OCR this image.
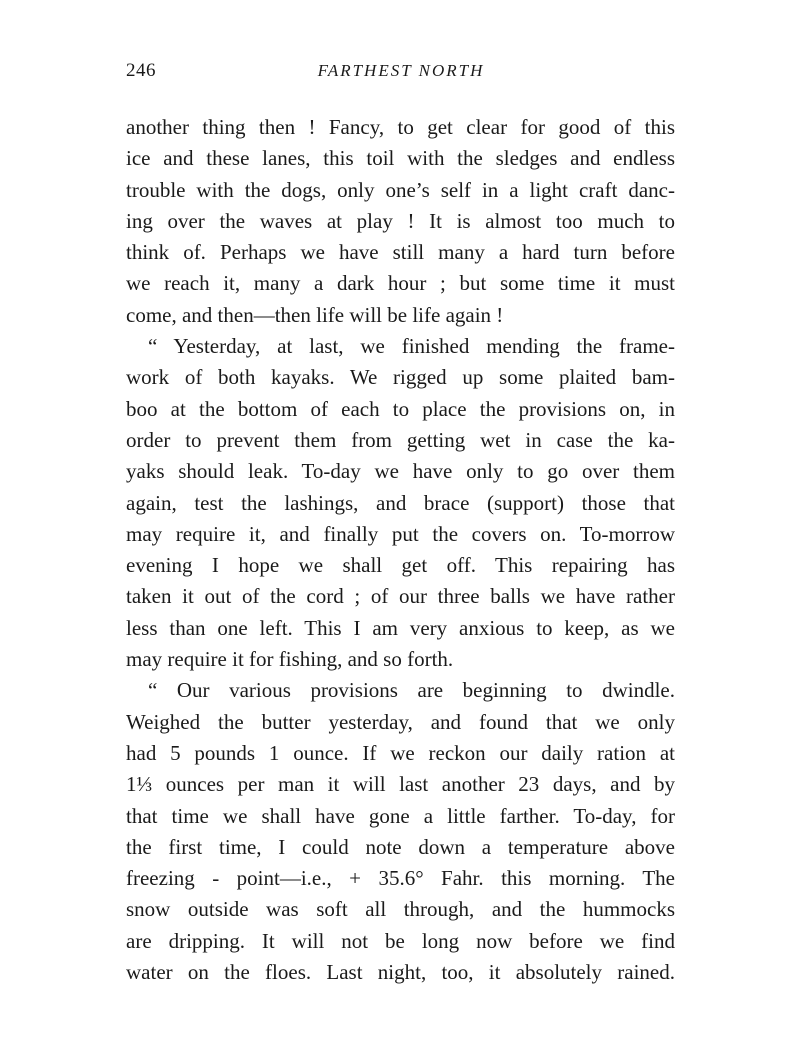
246	FARTHEST NORTH
another thing then ! Fancy, to get clear for good of this
ice and these lanes, this toil with the sledges and endless
trouble with the dogs, only one’s self in a light craft danc-
ing over the waves at play ! It is almost too much to
think of. Perhaps we have still many a hard turn before
we reach it, many a dark hour ; but some time it must
come, and then—then life will be life again !
“ Yesterday, at last, we finished mending the frame-
work of both kayaks. We rigged up some plaited bam-
boo at the bottom of each to place the provisions on, in
order to prevent them from getting wet in case the ka-
yaks should leak. To-day we have only to go over them
again, test the lashings, and brace (support) those that
may require it, and finally put the covers on. To-morrow
evening I hope we shall get off. This repairing has
taken it out of the cord ; of our three balls we have rather
less than one left. This I am very anxious to keep, as we
may require it for fishing, and so forth.
“ Our various provisions are beginning to dwindle.
Weighed the butter yesterday, and found that we only
had 5 pounds 1 ounce. If we reckon our daily ration at
1⅓ ounces per man it will last another 23 days, and by
that time we shall have gone a little farther. To-day, for
the first time, I could note down a temperature above
freezing - point—i.e., + 35.6° Fahr. this morning. The
snow outside was soft all through, and the hummocks
are dripping. It will not be long now before we find
water on the floes. Last night, too, it absolutely rained.
